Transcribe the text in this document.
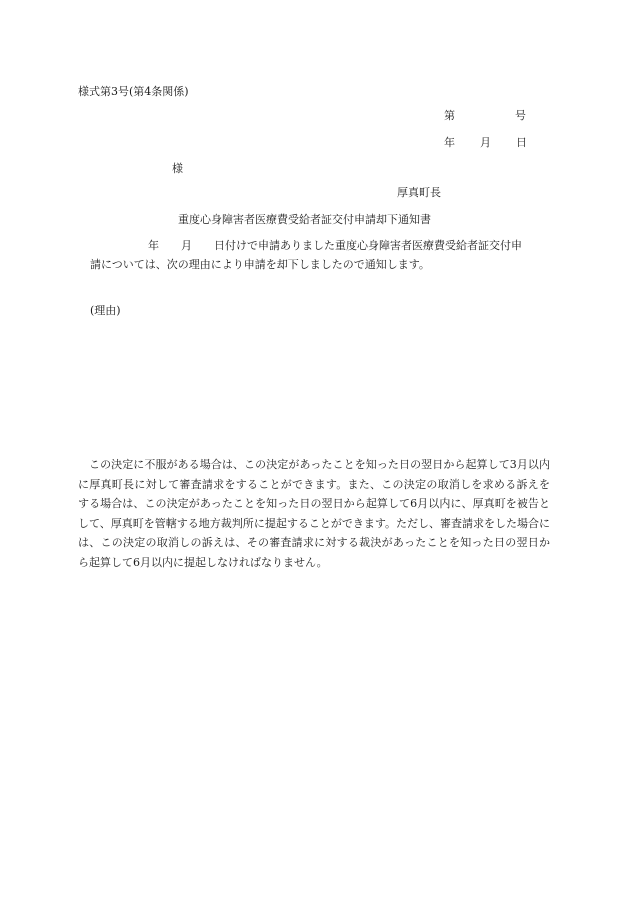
様式第3号(第4条関係)
第	号
年 月 日
様
厚真町長
重度心身障害者医療費受給者証交付申請却下通知書
年 月 日付けで申請ありました重度心身障害者医療費受給者証交付申
請については、次の理由により申請を却下しましたので通知します。
(理由)
この決定に不服がある場合は、この決定があったことを知った日の翌日から起算して3月以内に厚真町長に対して審査請求をすることができます。また、この決定の取消しを求める訴えをする場合は、この決定があったことを知った日の翌日から起算して6月以内に、厚真町を被告として、厚真町を管轄する地方裁判所に提起することができます。ただし、審査請求をした場合には、この決定の取消しの訴えは、その審査請求に対する裁決があったことを知った日の翌日から起算して6月以内に提起しなければなりません。
